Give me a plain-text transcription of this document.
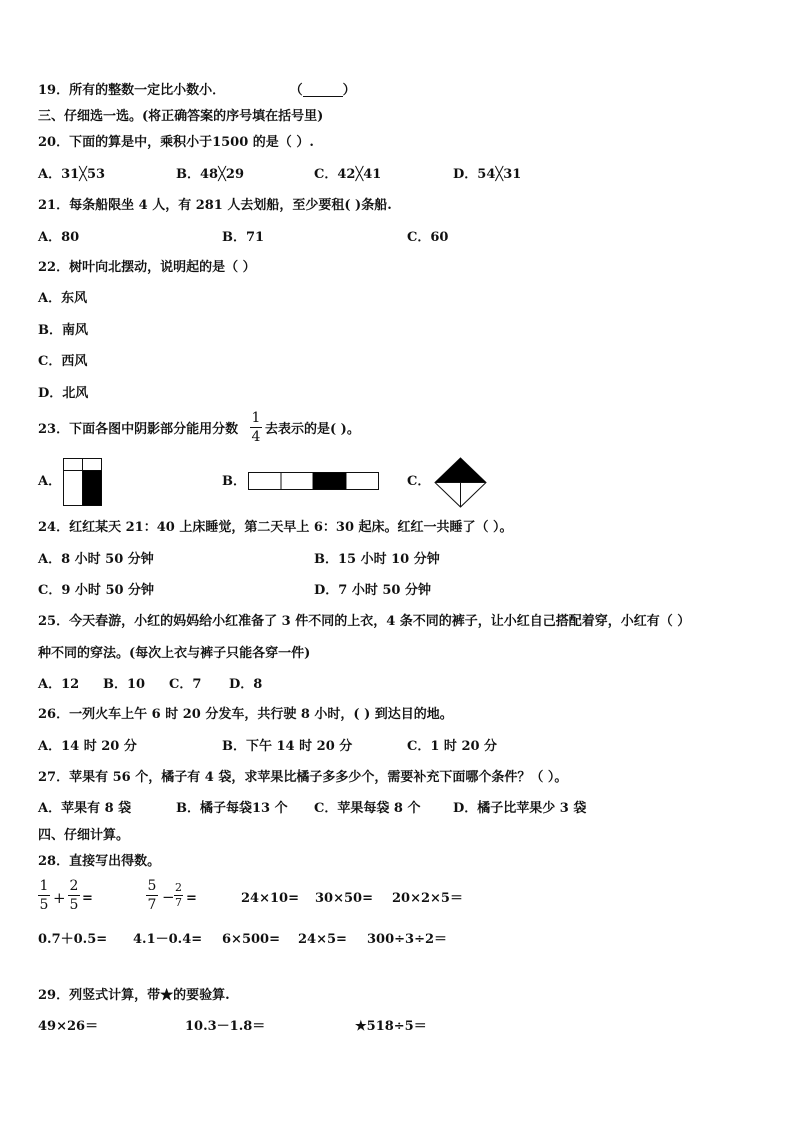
19．所有的整数一定比小数小．	（	）
三、仔细选一选。(将正确答案的序号填在括号里)
20．下面的算是中，乘积小于1500 的是（ ）.
A．31╳53	B．48╳29	C．42╳41	D．54╳31
21．每条船限坐 4 人，有 281 人去划船，至少要租( )条船.
A．80	B．71	C．60
22．树叶向北摆动，说明起的是（ ）
A．东风
B．南风
C．西风
D．北风
23．下面各图中阴影部分能用分数
1
4 去表示的是( )。
A．	B．	C．
24．红红某天 21：40 上床睡觉，第二天早上 6：30 起床。红红一共睡了（ ）。
A．8 小时 50 分钟	B．15 小时 10 分钟
C．9 小时 50 分钟	D．7 小时 50 分钟
25．今天春游，小红的妈妈给小红准备了 3 件不同的上衣，4 条不同的裤子，让小红自己搭配着穿，小红有（ ）
种不同的穿法。(每次上衣与裤子只能各穿一件)
A．12 B．10 C．7 D．8
26．一列火车上午 6 时 20 分发车，共行驶 8 小时，( ) 到达目的地。
A．14 时 20 分	B．下午 14 时 20 分	C．1 时 20 分
27．苹果有 56 个，橘子有 4 袋，求苹果比橘子多多少个，需要补充下面哪个条件？（ ）。
A．苹果有 8 袋	B．橘子每袋13 个 C．苹果每袋 8 个	D．橘子比苹果少 3 袋
四、仔细计算。
28．直接写出得数。
1
5 +
2
5 =
5
7 −
2
7 =	24×10= 30×50= 20×2×5＝
0.7＋0.5= 4.1－0.4= 6×500= 24×5= 300÷3÷2＝
29．列竖式计算，带★的要验算.
49×26＝	10.3－1.8＝	★518÷5＝
